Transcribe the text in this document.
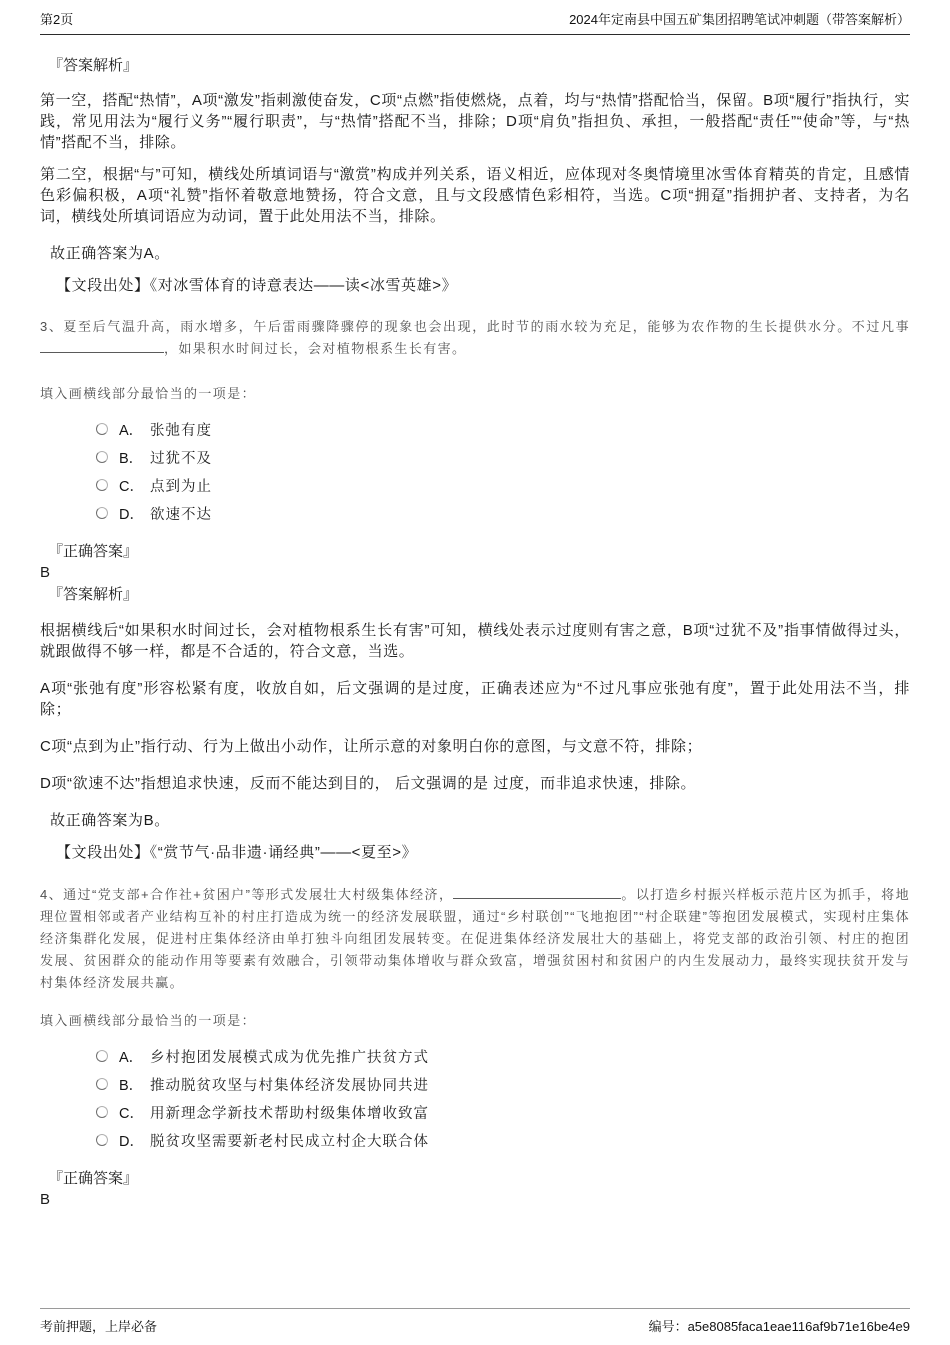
第2页	2024年定南县中国五矿集团招聘笔试冲刺题（带答案解析）
『答案解析』
第一空，搭配“热情”，A项“激发”指刺激使奋发，C项“点燃”指使燃烧，点着，均与“热情”搭配恰当，保留。B项“履行”指执行，实践，常见用法为“履行义务”“履行职责”，与“热情”搭配不当，排除；D项“肩负”指担负、承担，一般搭配“责任”“使命”等，与“热情”搭配不当，排除。
第二空，根据“与”可知，横线处所填词语与“激赏”构成并列关系，语义相近，应体现对冬奥情境里冰雪体育精英的肯定，且感情色彩偏积极，A项“礼赞”指怀着敬意地赞扬，符合文意，且与文段感情色彩相符，当选。C项“拥趸”指拥护者、支持者，为名词，横线处所填词语应为动词，置于此处用法不当，排除。
故正确答案为A。
【文段出处】《对冰雪体育的诗意表达——读<冰雪英雄>》
3、夏至后气温升高，雨水增多，午后雷雨骤降骤停的现象也会出现，此时节的雨水较为充足，能够为农作物的生长提供水分。不过凡事，如果积水时间过长，会对植物根系生长有害。
填入画横线部分最恰当的一项是：
A． 张弛有度
B． 过犹不及
C． 点到为止
D． 欲速不达
『正确答案』
B
『答案解析』
根据横线后“如果积水时间过长，会对植物根系生长有害”可知，横线处表示过度则有害之意，B项“过犹不及”指事情做得过头，就跟做得不够一样，都是不合适的，符合文意，当选。
A项“张弛有度”形容松紧有度，收放自如，后文强调的是过度，正确表述应为“不过凡事应张弛有度”，置于此处用法不当，排除；
C项“点到为止”指行动、行为上做出小动作，让所示意的对象明白你的意图，与文意不符，排除；
D项“欲速不达”指想追求快速，反而不能达到目的， 后文强调的是 过度，而非追求快速，排除。
故正确答案为B。
【文段出处】《“赏节气·品非遗·诵经典”——<夏至>》
4、通过“党支部+合作社+贫困户”等形式发展壮大村级集体经济，	。以打造乡村振兴样板示范片区为抓手，将地理位置相邻或者产业结构互补的村庄打造成为统一的经济发展联盟，通过“乡村联创”“飞地抱团”“村企联建”等抱团发展模式，实现村庄集体经济集群化发展，促进村庄集体经济由单打独斗向组团发展转变。在促进集体经济发展壮大的基础上，将党支部的政治引领、村庄的抱团发展、贫困群众的能动作用等要素有效融合，引领带动集体增收与群众致富，增强贫困村和贫困户的内生发展动力，最终实现扶贫开发与村集体经济发展共赢。
填入画横线部分最恰当的一项是：
A． 乡村抱团发展模式成为优先推广扶贫方式
B． 推动脱贫攻坚与村集体经济发展协同共进
C． 用新理念学新技术帮助村级集体增收致富
D． 脱贫攻坚需要新老村民成立村企大联合体
『正确答案』
B
考前押题，上岸必备	编号：a5e8085faca1eae116af9b71e16be4e9
